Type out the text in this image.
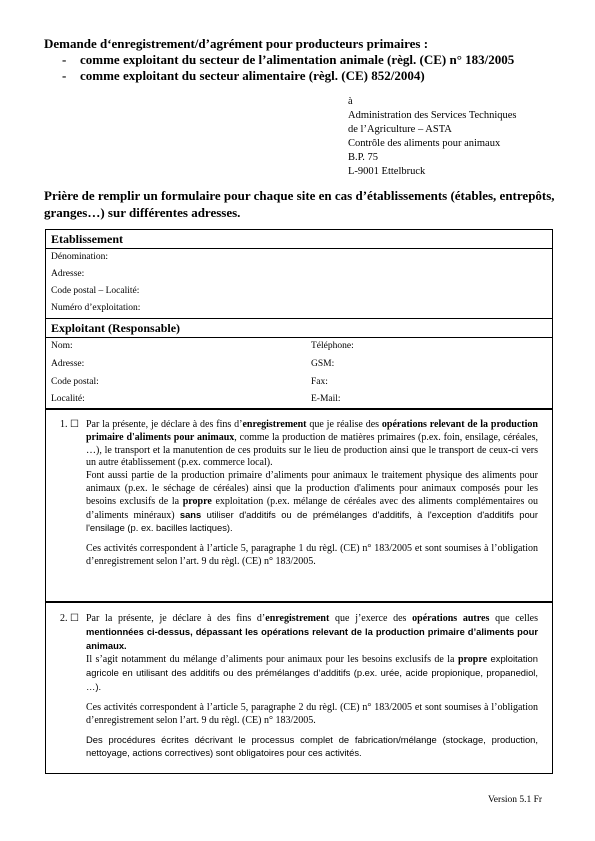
Demande d‘enregistrement/d’agrément pour producteurs primaires :
- comme exploitant du secteur de l’alimentation animale (règl. (CE) n° 183/2005
- comme exploitant du secteur alimentaire (règl. (CE) 852/2004)
à
Administration des Services Techniques
de l’Agriculture – ASTA
Contrôle des aliments pour animaux
B.P. 75
L-9001 Ettelbruck
Prière de remplir un formulaire pour chaque site en cas d’établissements (étables, entrepôts, granges…) sur différentes adresses.
Etablissement
Dénomination:
Adresse:
Code postal – Localité:
Numéro d’exploitation:
Exploitant (Responsable)
Nom:	Téléphone:
Adresse:	GSM:
Code postal:	Fax:
Localité:	E-Mail:
1. ☐ Par la présente, je déclare à des fins d’enregistrement que je réalise des opérations relevant de la production primaire d'aliments pour animaux, comme la production de matières primaires (p.ex. foin, ensilage, céréales, …), le transport et la manutention de ces produits sur le lieu de production ainsi que le transport de ceux-ci vers un autre établissement (p.ex. commerce local).

Font aussi partie de la production primaire d’aliments pour animaux le traitement physique des aliments pour animaux (p.ex. le séchage de céréales) ainsi que la production d'aliments pour animaux composés pour les besoins exclusifs de la propre exploitation (p.ex. mélange de céréales avec des aliments complémentaires ou d’aliments minéraux) sans utiliser d'additifs ou de prémélanges d'additifs, à l'exception d'additifs pour l'ensilage (p. ex. bacilles lactiques).

Ces activités correspondent à l’article 5, paragraphe 1 du règl. (CE) n° 183/2005 et sont soumises à l’obligation d’enregistrement selon l’art. 9 du règl. (CE) n° 183/2005.

2. ☐ Par la présente, je déclare à des fins d’enregistrement que j’exerce des opérations autres que celles mentionnées ci-dessus, dépassant les opérations relevant de la production primaire d’aliments pour animaux.

Il s’agit notamment du mélange d’aliments pour animaux pour les besoins exclusifs de la propre exploitation agricole en utilisant des additifs ou des prémélanges d‘additifs (p.ex. urée, acide propionique, propanediol, …).

Ces activités correspondent à l’article 5, paragraphe 2 du règl. (CE) n° 183/2005 et sont soumises à l’obligation d’enregistrement selon l’art. 9 du règl. (CE) n° 183/2005.

Des procédures écrites décrivant le processus complet de fabrication/mélange (stockage, production, nettoyage, actions correctives) sont obligatoires pour ces activités.

Version 5.1 Fr
